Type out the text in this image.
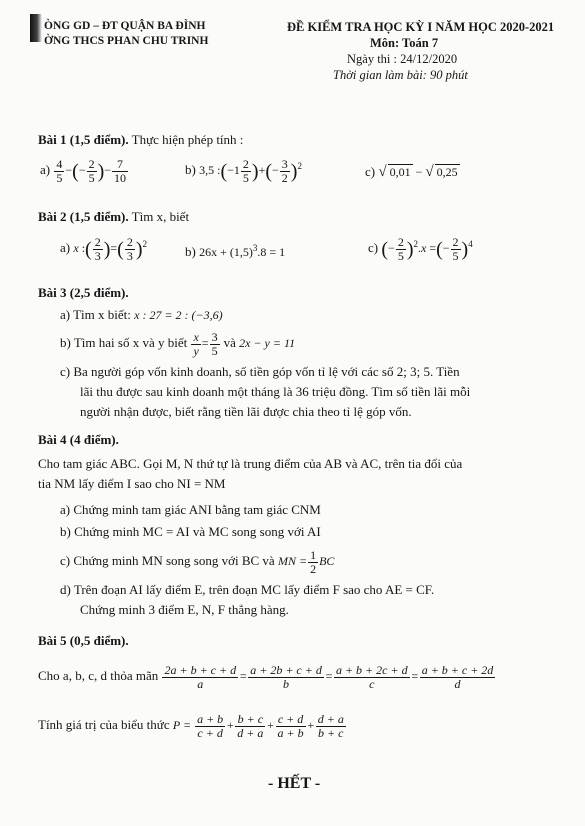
ÒNG GD – ĐT QUẬN BA ĐÌNH
ỜNG THCS PHAN CHU TRINH
ĐỀ KIỂM TRA HỌC KỲ I NĂM HỌC 2020-2021
Môn: Toán 7
Ngày thi : 24/12/2020
Thời gian làm bài: 90 phút
Bài 1 (1,5 điểm). Thực hiện phép tính :
$a) \frac{4}{5}$ −(− $\frac{2}{5}$ )− $\frac{7}{10}$	b) 3,5 :(−1 $\frac{2}{5}$ )+(− $\frac{3}{2} )^2$	c) √ 0,01 − √ 0,25
Bài 2 (1,5 điểm). Tìm x, biết
a) x :( $\frac{2}{3}$ )=( $\frac{2}{3} )^2$
b) $26x + (1,5)^3.8 = 1$	c) (− $\frac{2}{5} )^2.x$ =(− $\frac{2}{5} )^4$
Bài 3 (2,5 điểm).
a) Tìm x biết: x : 27 = 2 : (−3,6)
b) Tìm hai số x và y biết $\frac{x}{y} = \frac{3}{5}$ và 2x − y = 11
c) Ba người góp vốn kinh doanh, số tiền góp vốn tỉ lệ với các số 2; 3; 5. Tiền
lãi thu được sau kinh doanh một tháng là 36 triệu đồng. Tìm số tiền lãi mỗi
người nhận được, biết rằng tiền lãi được chia theo tỉ lệ góp vốn.
Bài 4 (4 điểm).
Cho tam giác ABC. Gọi M, N thứ tự là trung điểm của AB và AC, trên tia đối của
tia NM lấy điểm I sao cho NI = NM
a) Chứng minh tam giác ANI bằng tam giác CNM
b) Chứng minh MC = AI và MC song song với AI
c) Chứng minh MN song song với BC và MN = $\frac{1}{2}$ BC
d) Trên đoạn AI lấy điểm E, trên đoạn MC lấy điểm F sao cho AE = CF.
Chứng minh 3 điểm E, N, F thẳng hàng.
Bài 5 (0,5 điểm).
Cho a, b, c, d thỏa mãn $\frac{2a + b + c + d}{a} = \frac{a + 2b + c + d}{b} = \frac{a + b + 2c + d}{c} = \frac{a + b + c + 2d}{d}$
Tính giá trị của biểu thức $P = \frac{a + b}{c + d} + \frac{b + c}{d + a} + \frac{c + d}{a + b} + \frac{d + a}{b + c}$
- HẾT -
